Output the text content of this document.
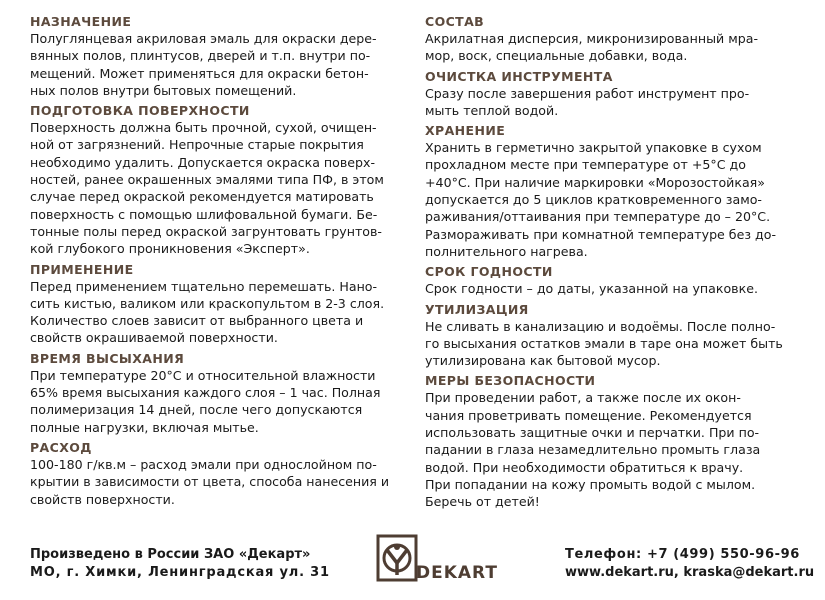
НАЗНАЧЕНИЕ
Полуглянцевая акриловая эмаль для окраски дере-
вянных полов, плинтусов, дверей и т.п. внутри по-
мещений. Может применяться для окраски бетон-
ных полов внутри бытовых помещений.
ПОДГОТОВКА ПОВЕРХНОСТИ
Поверхность должна быть прочной, сухой, очищен-
ной от загрязнений. Непрочные старые покрытия
необходимо удалить. Допускается окраска поверх-
ностей, ранее окрашенных эмалями типа ПФ, в этом
случае перед окраской рекомендуется матировать
поверхность с помощью шлифовальной бумаги. Бе-
тонные полы перед окраской загрунтовать грунтов-
кой глубокого проникновения «Эксперт».
ПРИМЕНЕНИЕ
Перед применением тщательно перемешать. Нано-
сить кистью, валиком или краскопультом в 2-3 слоя.
Количество слоев зависит от выбранного цвета и
свойств окрашиваемой поверхности.
ВРЕМЯ ВЫСЫХАНИЯ
При температуре 20°С и относительной влажности
65% время высыхания каждого слоя – 1 час. Полная
полимеризация 14 дней, после чего допускаются
полные нагрузки, включая мытье.
РАСХОД
100-180 г/кв.м – расход эмали при однослойном по-
крытии в зависимости от цвета, способа нанесения и
свойств поверхности.
СОСТАВ
Акрилатная дисперсия, микронизированный мра-
мор, воск, специальные добавки, вода.
ОЧИСТКА ИНСТРУМЕНТА
Сразу после завершения работ инструмент про-
мыть теплой водой.
ХРАНЕНИЕ
Хранить в герметично закрытой упаковке в сухом
прохладном месте при температуре от +5°С до
+40°С. При наличие маркировки «Морозостойкая»
допускается до 5 циклов кратковременного замо-
раживания/оттаивания при температуре до – 20°С.
Размораживать при комнатной температуре без до-
полнительного нагрева.
СРОК ГОДНОСТИ
Срок годности – до даты, указанной на упаковке.
УТИЛИЗАЦИЯ
Не сливать в канализацию и водоёмы. После полно-
го высыхания остатков эмали в таре она может быть
утилизирована как бытовой мусор.
МЕРЫ БЕЗОПАСНОСТИ
При проведении работ, а также после их окон-
чания проветривать помещение. Рекомендуется
использовать защитные очки и перчатки. При по-
падании в глаза незамедлительно промыть глаза
водой. При необходимости обратиться к врачу.
При попадании на кожу промыть водой с мылом.
Беречь от детей!
Произведено в России ЗАО «Декарт»
МО, г. Химки, Ленинградская ул. 31	DEKART
Телефон: +7 (499) 550-96-96
www.dekart.ru, kraska@dekart.ru
